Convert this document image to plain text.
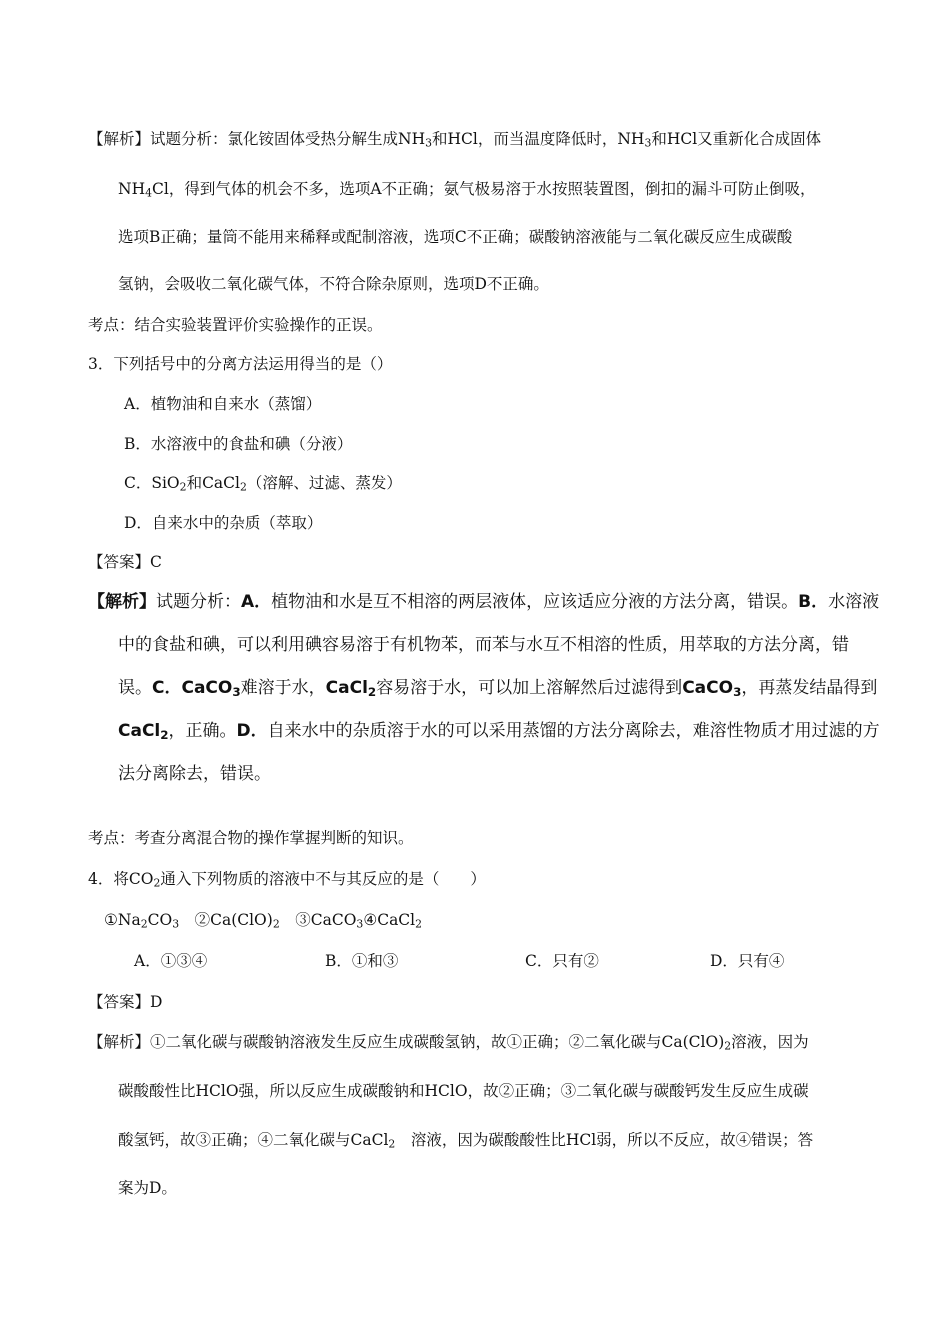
【解析】试题分析：氯化铵固体受热分解生成$NH_3$和HCl，而当温度降低时，$NH_3$和HCl又重新化合成固体
$NH_4Cl$，得到气体的机会不多，选项A不正确；氨气极易溶于水按照装置图，倒扣的漏斗可防止倒吸，
选项B正确；量筒不能用来稀释或配制溶液，选项C不正确；碳酸钠溶液能与二氧化碳反应生成碳酸
氢钠，会吸收二氧化碳气体，不符合除杂原则，选项D不正确。
考点：结合实验装置评价实验操作的正误。
3．下列括号中的分离方法运用得当的是（）
A．植物油和自来水（蒸馏）
B．水溶液中的食盐和碘（分液）
C．SiO$_2$和CaCl$_2$（溶解、过滤、蒸发）
D．自来水中的杂质（萃取）
【答案】C
【解析】试题分析：A．植物油和水是互不相溶的两层液体，应该适应分液的方法分离，错误。B．水溶液
中的食盐和碘，可以利用碘容易溶于有机物苯，而苯与水互不相溶的性质，用萃取的方法分离，错
误。C．CaCO$_3$难溶于水，CaCl$_2$容易溶于水，可以加上溶解然后过滤得到CaCO$_3$，再蒸发结晶得到
CaCl$_2$，正确。D．自来水中的杂质溶于水的可以采用蒸馏的方法分离除去，难溶性物质才用过滤的方
法分离除去，错误。
考点：考查分离混合物的操作掌握判断的知识。
4．将$CO_2$通入下列物质的溶液中不与其反应的是（　　）
$①Na_2CO_3$　$②Ca(ClO)_2$　③CaCO$_3$④CaCl$_2$
A．①③④	B．①和③	C．只有②	D．只有④
【答案】D
【解析】①二氧化碳与碳酸钠溶液发生反应生成碳酸氢钠，故①正确；②二氧化碳与$Ca(ClO)_2$溶液，因为
碳酸酸性比HClO强，所以反应生成碳酸钠和HClO，故②正确；③二氧化碳与碳酸钙发生反应生成碳
酸氢钙，故③正确；④二氧化碳与CaCl$_2$　溶液，因为碳酸酸性比HCl弱，所以不反应，故④错误；答
案为D。
